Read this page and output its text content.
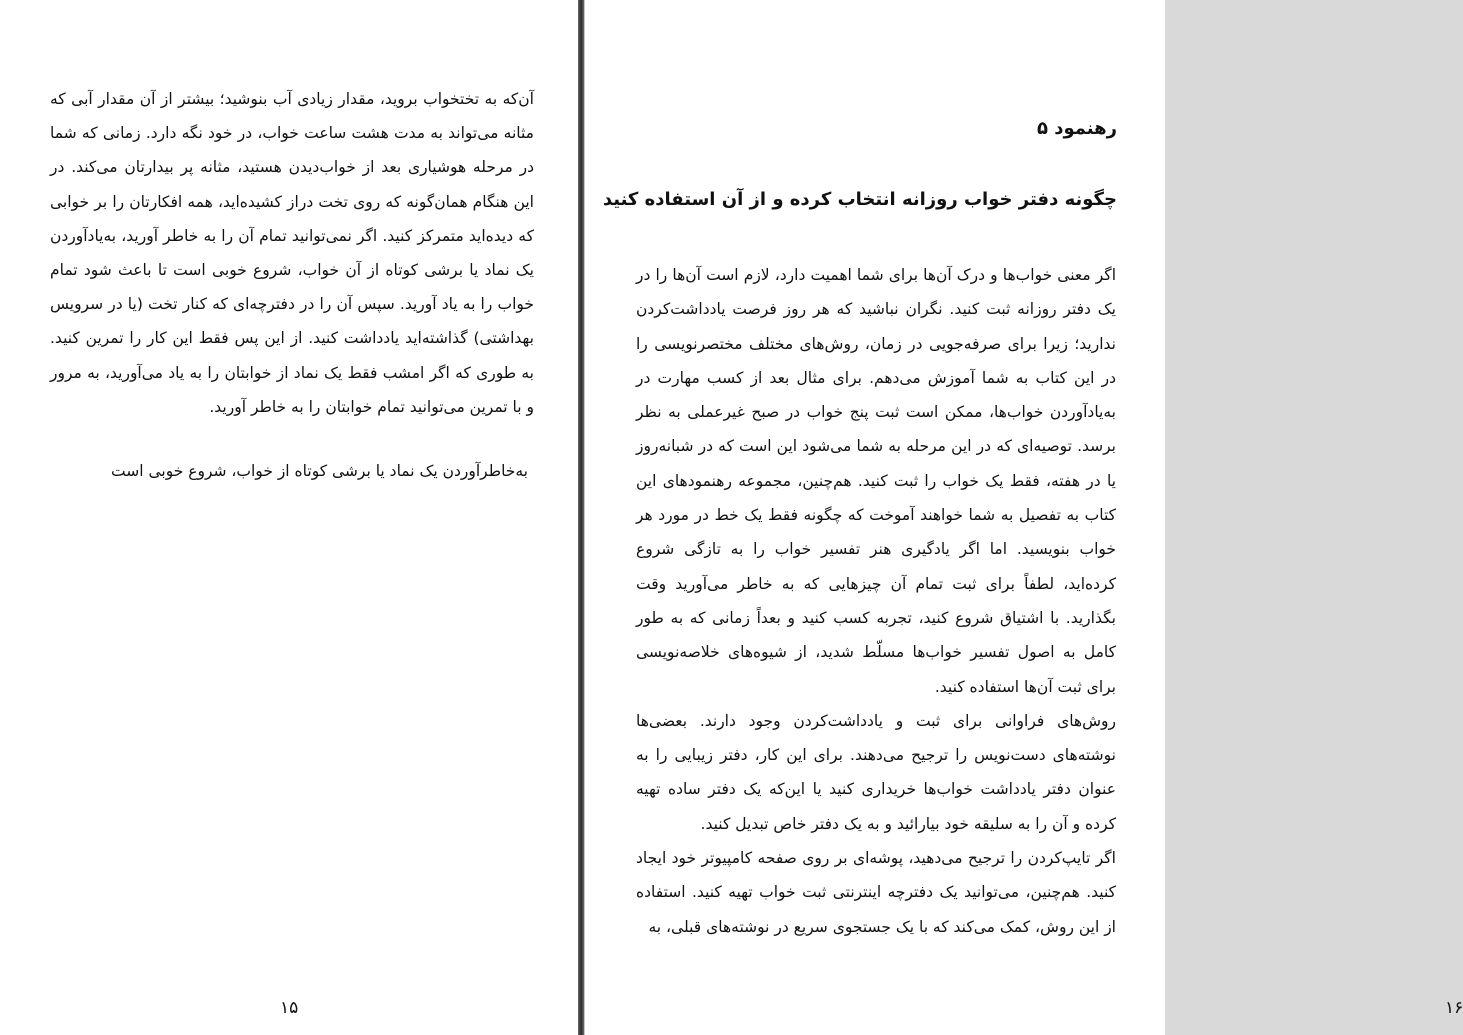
آن‌که به تختخواب بروید، مقدار زیادی آب بنوشید؛ بیشتر از آن مقدار آبی که مثانه می‌تواند به مدت هشت ساعت خواب، در خود نگه دارد. زمانی که شما در مرحله هوشیاری بعد از خواب‌دیدن هستید، مثانه پر بیدارتان می‌کند. در این هنگام همان‌گونه که روی تخت دراز کشیده‌اید، همه افکارتان را بر خوابی که دیده‌اید متمرکز کنید. اگر نمی‌توانید تمام آن را به خاطر آورید، به‌یادآوردن یک نماد یا برشی کوتاه از آن خواب، شروع خوبی است تا باعث شود تمام خواب را به یاد آورید. سپس آن را در دفترچه‌ای که کنار تخت (یا در سرویس بهداشتی) گذاشته‌اید یادداشت کنید. از این پس فقط این کار را تمرین کنید. به طوری که اگر امشب فقط یک نماد از خوابتان را به یاد می‌آورید، به مرور و با تمرین می‌توانید تمام خوابتان را به خاطر آورید.

به‌خاطرآوردن یک نماد یا برشی کوتاه از خواب، شروع خوبی است
۱۵
رهنمود ۵
چگونه دفتر خواب روزانه انتخاب کرده و از آن استفاده کنید
۱۶

اگر معنی خواب‌ها و درک آن‌ها برای شما اهمیت دارد، لازم است آن‌ها را در یک دفتر روزانه ثبت کنید. نگران نباشید که هر روز فرصت یادداشت‌کردن ندارید؛ زیرا برای صرفه‌جویی در زمان، روش‌های مختلف مختصرنویسی را در این کتاب به شما آموزش می‌دهم. برای مثال بعد از کسب مهارت در به‌یادآوردن خواب‌ها، ممکن است ثبت پنج خواب در صبح غیرعملی به نظر برسد. توصیه‌ای که در این مرحله به شما می‌شود این است که در شبانه‌روز یا در هفته، فقط یک خواب را ثبت کنید. هم‌چنین، مجموعه رهنمودهای این کتاب به تفصیل به شما خواهند آموخت که چگونه فقط یک خط در مورد هر خواب بنویسید. اما اگر یادگیری هنر تفسیر خواب را به تازگی شروع کرده‌اید، لطفاً برای ثبت تمام آن چیزهایی که به خاطر می‌آورید وقت بگذارید. با اشتیاق شروع کنید، تجربه کسب کنید و بعداً زمانی که به طور کامل به اصول تفسیر خواب‌ها مسلّط شدید، از شیوه‌های خلاصه‌نویسی برای ثبت آن‌ها استفاده کنید.

روش‌های فراوانی برای ثبت و یادداشت‌کردن وجود دارند. بعضی‌ها نوشته‌های دست‌نویس را ترجیح می‌دهند. برای این کار، دفتر زیبایی را به عنوان دفتر یادداشت خواب‌ها خریداری کنید یا این‌که یک دفتر ساده تهیه کرده و آن را به سلیقه خود بیارائید و به یک دفتر خاص تبدیل کنید.

اگر تایپ‌کردن را ترجیح می‌دهید، پوشه‌ای بر روی صفحه کامپیوتر خود ایجاد کنید. هم‌چنین، می‌توانید یک دفترچه اینترنتی ثبت خواب تهیه کنید. استفاده از این روش، کمک می‌کند که با یک جستجوی سریع در نوشته‌های قبلی، به
